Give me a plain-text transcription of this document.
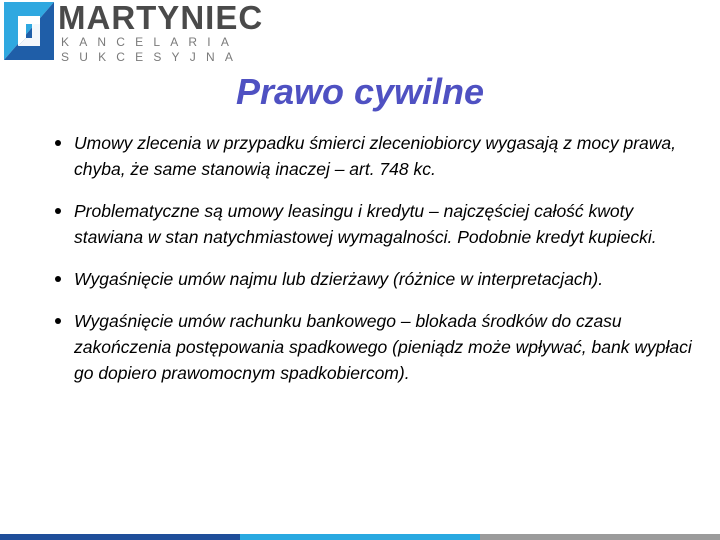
MARTYNIEC
KANCELARIA
SUKCESYJNA
Prawo cywilne
Umowy zlecenia w przypadku śmierci zleceniobiorcy wygasają z mocy prawa, chyba, że same stanowią inaczej – art. 748 kc.
Problematyczne są umowy leasingu i kredytu – najczęściej całość kwoty stawiana w stan natychmiastowej wymagalności. Podobnie kredyt kupiecki.
Wygaśnięcie umów najmu lub dzierżawy (różnice w interpretacjach).
Wygaśnięcie umów rachunku bankowego – blokada środków do czasu zakończenia postępowania spadkowego (pieniądz może wpływać, bank wypłaci go dopiero prawomocnym spadkobiercom).
